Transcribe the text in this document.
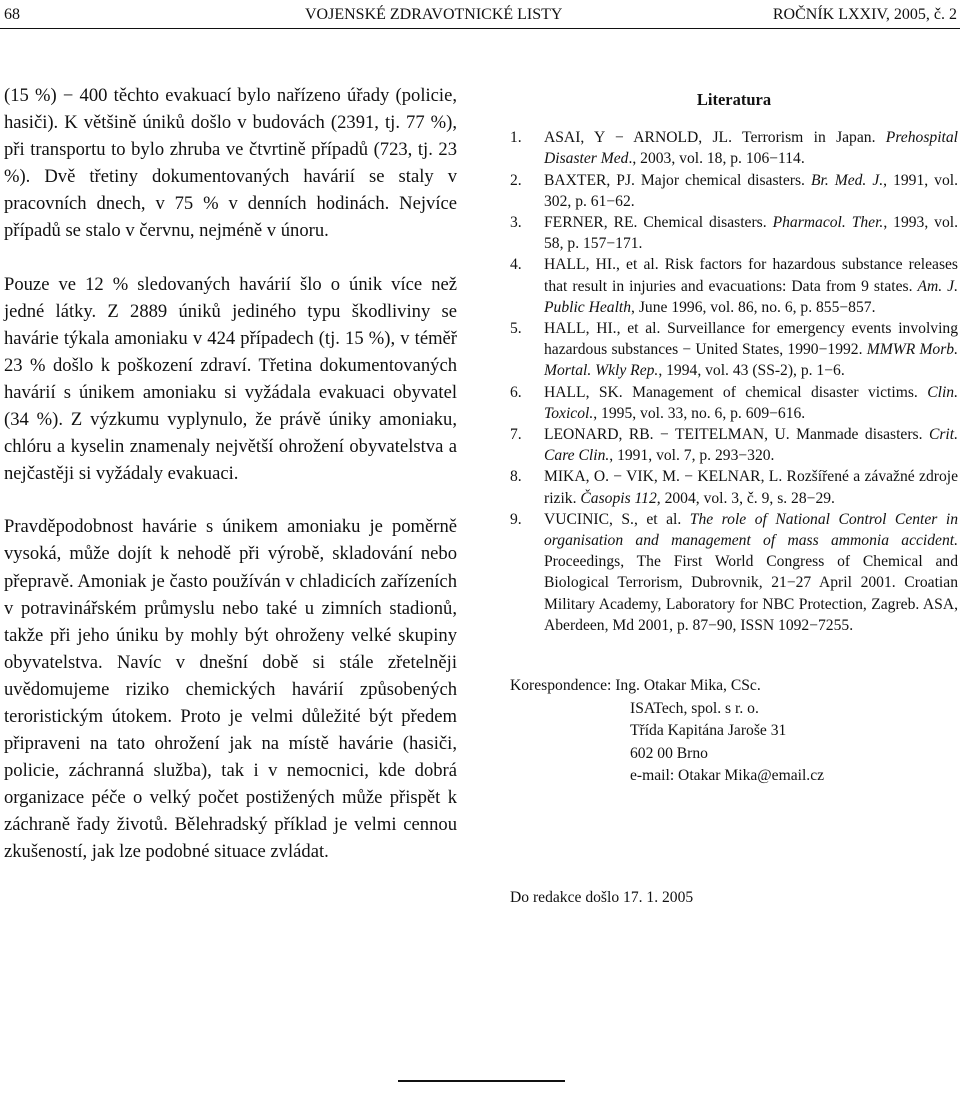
68	VOJENSKÉ ZDRAVOTNICKÉ LISTY	ROČNÍK LXXIV, 2005, č. 2

(15 %) − 400 těchto evakuací bylo nařízeno úřady (policie, hasiči). K většině úniků došlo v budovách (2391, tj. 77 %), při transportu to bylo zhruba ve čtvrtině případů (723, tj. 23 %). Dvě třetiny dokumentovaných havárií se staly v pracovních dnech, v 75 % v denních hodinách. Nejvíce případů se stalo v červnu, nejméně v únoru.

Pouze ve 12 % sledovaných havárií šlo o únik více než jedné látky. Z 2889 úniků jediného typu škodliviny se havárie týkala amoniaku v 424 případech (tj. 15 %), v téměř 23 % došlo k poškození zdraví. Třetina dokumentovaných havárií s únikem amoniaku si vyžádala evakuaci obyvatel (34 %). Z výzkumu vyplynulo, že právě úniky amoniaku, chlóru a kyselin znamenaly největší ohrožení obyvatelstva a nejčastěji si vyžádaly evakuaci.

Pravděpodobnost havárie s únikem amoniaku je poměrně vysoká, může dojít k nehodě při výrobě, skladování nebo přepravě. Amoniak je často používán v chladicích zařízeních v potravinářském průmyslu nebo také u zimních stadionů, takže při jeho úniku by mohly být ohroženy velké skupiny obyvatelstva. Navíc v dnešní době si stále zřetelněji uvědomujeme riziko chemických havárií způsobených teroristickým útokem. Proto je velmi důležité být předem připraveni na tato ohrožení jak na místě havárie (hasiči, policie, záchranná služba), tak i v nemocnici, kde dobrá organizace péče o velký počet postižených může přispět k záchraně řady životů. Bělehradský příklad je velmi cennou zkušeností, jak lze podobné situace zvládat.

Literatura
1. ASAI, Y − ARNOLD, JL. Terrorism in Japan. Prehospital Disaster Med., 2003, vol. 18, p. 106−114.
2. BAXTER, PJ. Major chemical disasters. Br. Med. J., 1991, vol. 302, p. 61−62.
3. FERNER, RE. Chemical disasters. Pharmacol. Ther., 1993, vol. 58, p. 157−171.
4. HALL, HI., et al. Risk factors for hazardous substance releases that result in injuries and evacuations: Data from 9 states. Am. J. Public Health, June 1996, vol. 86, no. 6, p. 855−857.
5. HALL, HI., et al. Surveillance for emergency events involving hazardous substances − United States, 1990−1992. MMWR Morb. Mortal. Wkly Rep., 1994, vol. 43 (SS-2), p. 1−6.
6. HALL, SK. Management of chemical disaster victims. Clin. Toxicol., 1995, vol. 33, no. 6, p. 609−616.
7. LEONARD, RB. − TEITELMAN, U. Manmade disasters. Crit. Care Clin., 1991, vol. 7, p. 293−320.
8. MIKA, O. − VIK, M. − KELNAR, L. Rozšířené a závažné zdroje rizik. Časopis 112, 2004, vol. 3, č. 9, s. 28−29.
9. VUCINIC, S., et al. The role of National Control Center in organisation and management of mass ammonia accident. Proceedings, The First World Congress of Chemical and Biological Terrorism, Dubrovnik, 21−27 April 2001. Croatian Military Academy, Laboratory for NBC Protection, Zagreb. ASA, Aberdeen, Md 2001, p. 87−90, ISSN 1092−7255.
Korespondence: Ing. Otakar Mika, CSc.
ISATech, spol. s r. o.
Třída Kapitána Jaroše 31
602 00 Brno
e-mail: Otakar Mika@email.cz
Do redakce došlo 17. 1. 2005
